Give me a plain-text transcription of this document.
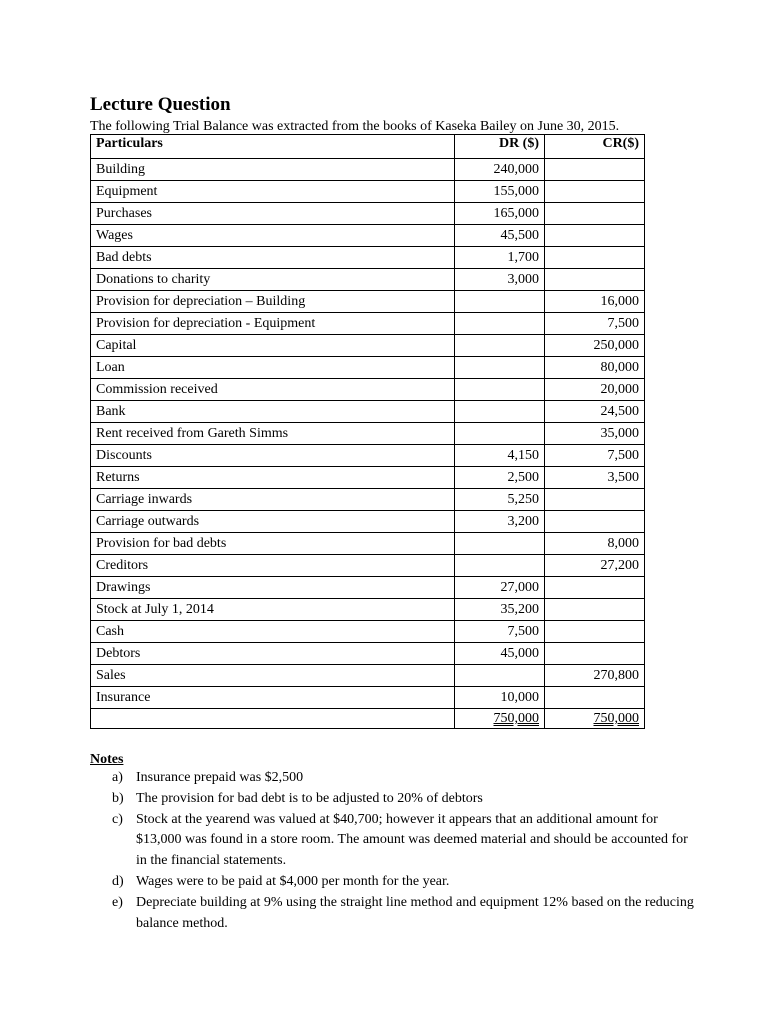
Lecture Question
The following Trial Balance was extracted from the books of Kaseka Bailey on June 30, 2015.
Particulars	DR ($)	CR($)
Building	240,000	
Equipment	155,000	
Purchases	165,000	
Wages	45,500	
Bad debts	1,700	
Donations to charity	3,000	
Provision for depreciation – Building		16,000
Provision for depreciation - Equipment		7,500
Capital		250,000
Loan		80,000
Commission received		20,000
Bank		24,500
Rent received from Gareth Simms		35,000
Discounts	4,150	7,500
Returns	2,500	3,500
Carriage inwards	5,250	
Carriage outwards	3,200	
Provision for bad debts		8,000
Creditors		27,200
Drawings	27,000	
Stock at July 1, 2014	35,200	
Cash	7,500	
Debtors	45,000	
Sales		270,800
Insurance	10,000	
	750,000	750,000
Notes
a) Insurance prepaid was $2,500
b) The provision for bad debt is to be adjusted to 20% of debtors
c) Stock at the yearend was valued at $40,700; however it appears that an additional amount for $13,000 was found in a store room. The amount was deemed material and should be accounted for in the financial statements.
d) Wages were to be paid at $4,000 per month for the year.
e) Depreciate building at 9% using the straight line method and equipment 12% based on the reducing balance method.
